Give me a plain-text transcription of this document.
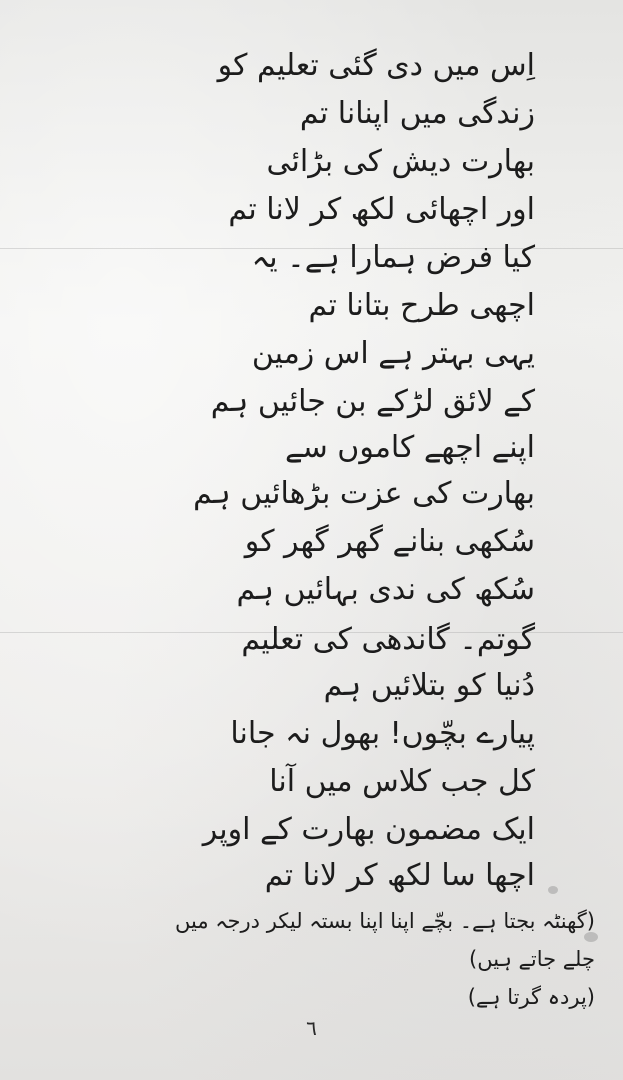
اِس میں دی گئی تعلیم کو
زندگی میں اپنانا تم
بھارت دیش کی بڑائی
اور اچھائی لکھ کر لانا تم
کیا فرض ہمارا ہے۔ یہ
اچھی طرح بتانا تم
یہی بہتر ہے اس زمین
کے لائق لڑکے بن جائیں ہم
اپنے اچھے کاموں سے
بھارت کی عزت بڑھائیں ہم
سُکھی بنانے گھر گھر کو
سُکھ کی ندی بہائیں ہم
گوتم۔ گاندھی کی تعلیم
دُنیا کو بتلائیں ہم
پیارے بچّوں! بھول نہ جانا
کل جب کلاس میں آنا
ایک مضمون بھارت کے اوپر
اچھا سا لکھ کر لانا تم
(گھنٹہ بجتا ہے۔ بچّے اپنا اپنا بستہ لیکر درجہ میں
چلے جاتے ہیں)
(پردہ گرتا ہے)
٦
